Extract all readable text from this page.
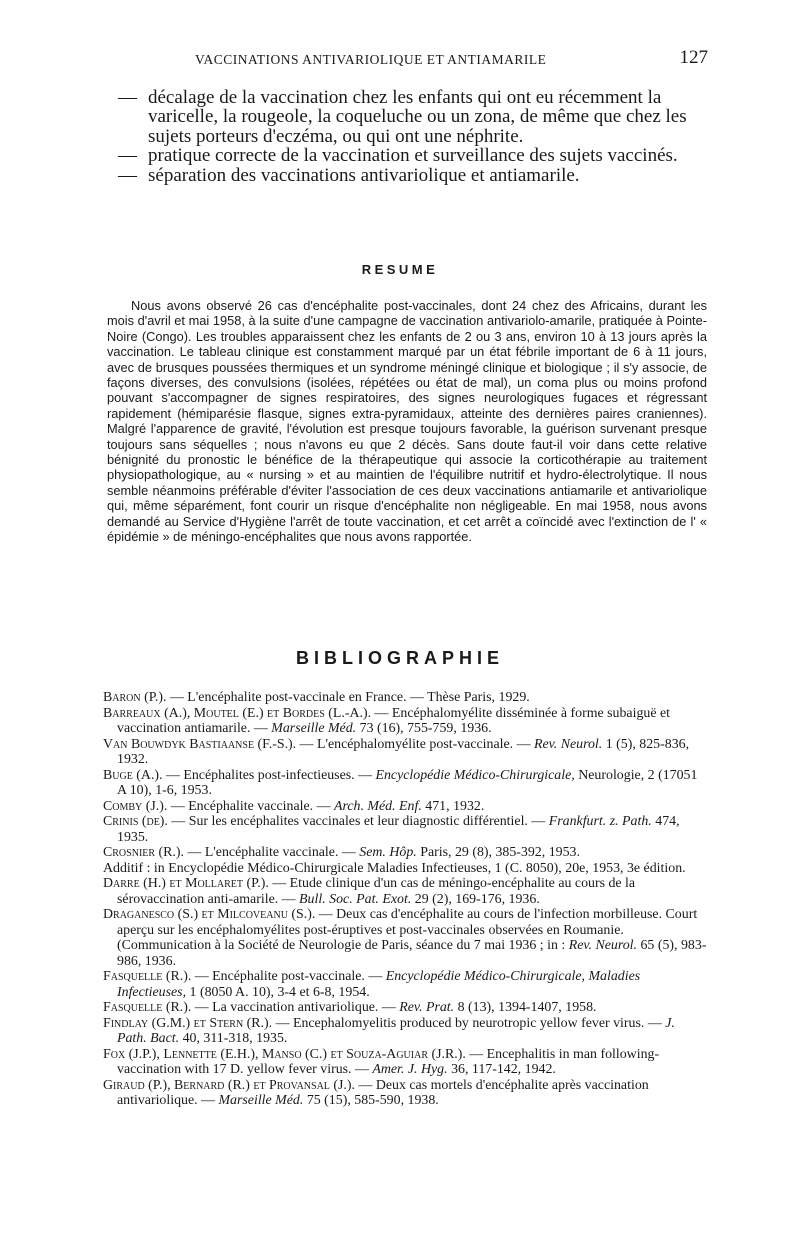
VACCINATIONS ANTIVARIOLIQUE ET ANTIAMARILE	127

— décalage de la vaccination chez les enfants qui ont eu récemment la varicelle, la rougeole, la coqueluche ou un zona, de même que chez les sujets porteurs d'eczéma, ou qui ont une néphrite.

— pratique correcte de la vaccination et surveillance des sujets vaccinés.

— séparation des vaccinations antivariolique et antiamarile.

RESUME

Nous avons observé 26 cas d'encéphalite post-vaccinales, dont 24 chez des Africains, durant les mois d'avril et mai 1958, à la suite d'une campagne de vaccination antivariolo-amarile, pratiquée à Pointe-Noire (Congo). Les troubles apparaissent chez les enfants de 2 ou 3 ans, environ 10 à 13 jours après la vaccination. Le tableau clinique est constamment marqué par un état fébrile important de 6 à 11 jours, avec de brusques poussées thermiques et un syndrome méningé clinique et biologique ; il s'y associe, de façons diverses, des convulsions (isolées, répétées ou état de mal), un coma plus ou moins profond pouvant s'accompagner de signes respiratoires, des signes neurologiques fugaces et régressant rapidement (hémiparésie flasque, signes extra-pyramidaux, atteinte des dernières paires craniennes). Malgré l'apparence de gravité, l'évolution est presque toujours favorable, la guérison survenant presque toujours sans séquelles ; nous n'avons eu que 2 décès. Sans doute faut-il voir dans cette relative bénignité du pronostic le bénéfice de la thérapeutique qui associe la corticothérapie au traitement physiopathologique, au « nursing » et au maintien de l'équilibre nutritif et hydro-électrolytique. Il nous semble néanmoins préférable d'éviter l'association de ces deux vaccinations antiamarile et antivariolique qui, même séparément, font courir un risque d'encéphalite non négligeable. En mai 1958, nous avons demandé au Service d'Hygiène l'arrêt de toute vaccination, et cet arrêt a coïncidé avec l'extinction de l' « épidémie » de méningo-encéphalites que nous avons rapportée.

BIBLIOGRAPHIE

Baron (P.). — L'encéphalite post-vaccinale en France. — Thèse Paris, 1929.

Barreaux (A.), Moutel (E.) et Bordes (L.-A.). — Encéphalomyélite disséminée à forme subaiguë et vaccination antiamarile. — Marseille Méd. 73 (16), 755-759, 1936.

Van Bouwdyk Bastiaanse (F.-S.). — L'encéphalomyélite post-vaccinale. — Rev. Neurol. 1 (5), 825-836, 1932.

Buge (A.). — Encéphalites post-infectieuses. — Encyclopédie Médico-Chirurgicale, Neurologie, 2 (17051 A 10), 1-6, 1953.

Comby (J.). — Encéphalite vaccinale. — Arch. Méd. Enf. 471, 1932.

Crinis (de). — Sur les encéphalites vaccinales et leur diagnostic différentiel. — Frankfurt. z. Path. 474, 1935.

Crosnier (R.). — L'encéphalite vaccinale. — Sem. Hôp. Paris, 29 (8), 385-392, 1953.
Additif : in Encyclopédie Médico-Chirurgicale Maladies Infectieuses, 1 (C. 8050), 20e, 1953, 3e édition.

Darre (H.) et Mollaret (P.). — Etude clinique d'un cas de méningo-encéphalite au cours de la sérovaccination anti-amarile. — Bull. Soc. Pat. Exot. 29 (2), 169-176, 1936.

Draganesco (S.) et Milcoveanu (S.). — Deux cas d'encéphalite au cours de l'infection morbilleuse. Court aperçu sur les encéphalomyélites post-éruptives et post-vaccinales observées en Roumanie. (Communication à la Société de Neurologie de Paris, séance du 7 mai 1936 ; in : Rev. Neurol. 65 (5), 983-986, 1936.

Fasquelle (R.). — Encéphalite post-vaccinale. — Encyclopédie Médico-Chirurgicale, Maladies Infectieuses, 1 (8050 A. 10), 3-4 et 6-8, 1954.

Fasquelle (R.). — La vaccination antivariolique. — Rev. Prat. 8 (13), 1394-1407, 1958.

Findlay (G.M.) et Stern (R.). — Encephalomyelitis produced by neurotropic yellow fever virus. — J. Path. Bact. 40, 311-318, 1935.

Fox (J.P.), Lennette (E.H.), Manso (C.) et Souza-Aguiar (J.R.). — Encephalitis in man following-vaccination with 17 D. yellow fever virus. — Amer. J. Hyg. 36, 117-142, 1942.

Giraud (P.), Bernard (R.) et Provansal (J.). — Deux cas mortels d'encéphalite après vaccination antivariolique. — Marseille Méd. 75 (15), 585-590, 1938.
